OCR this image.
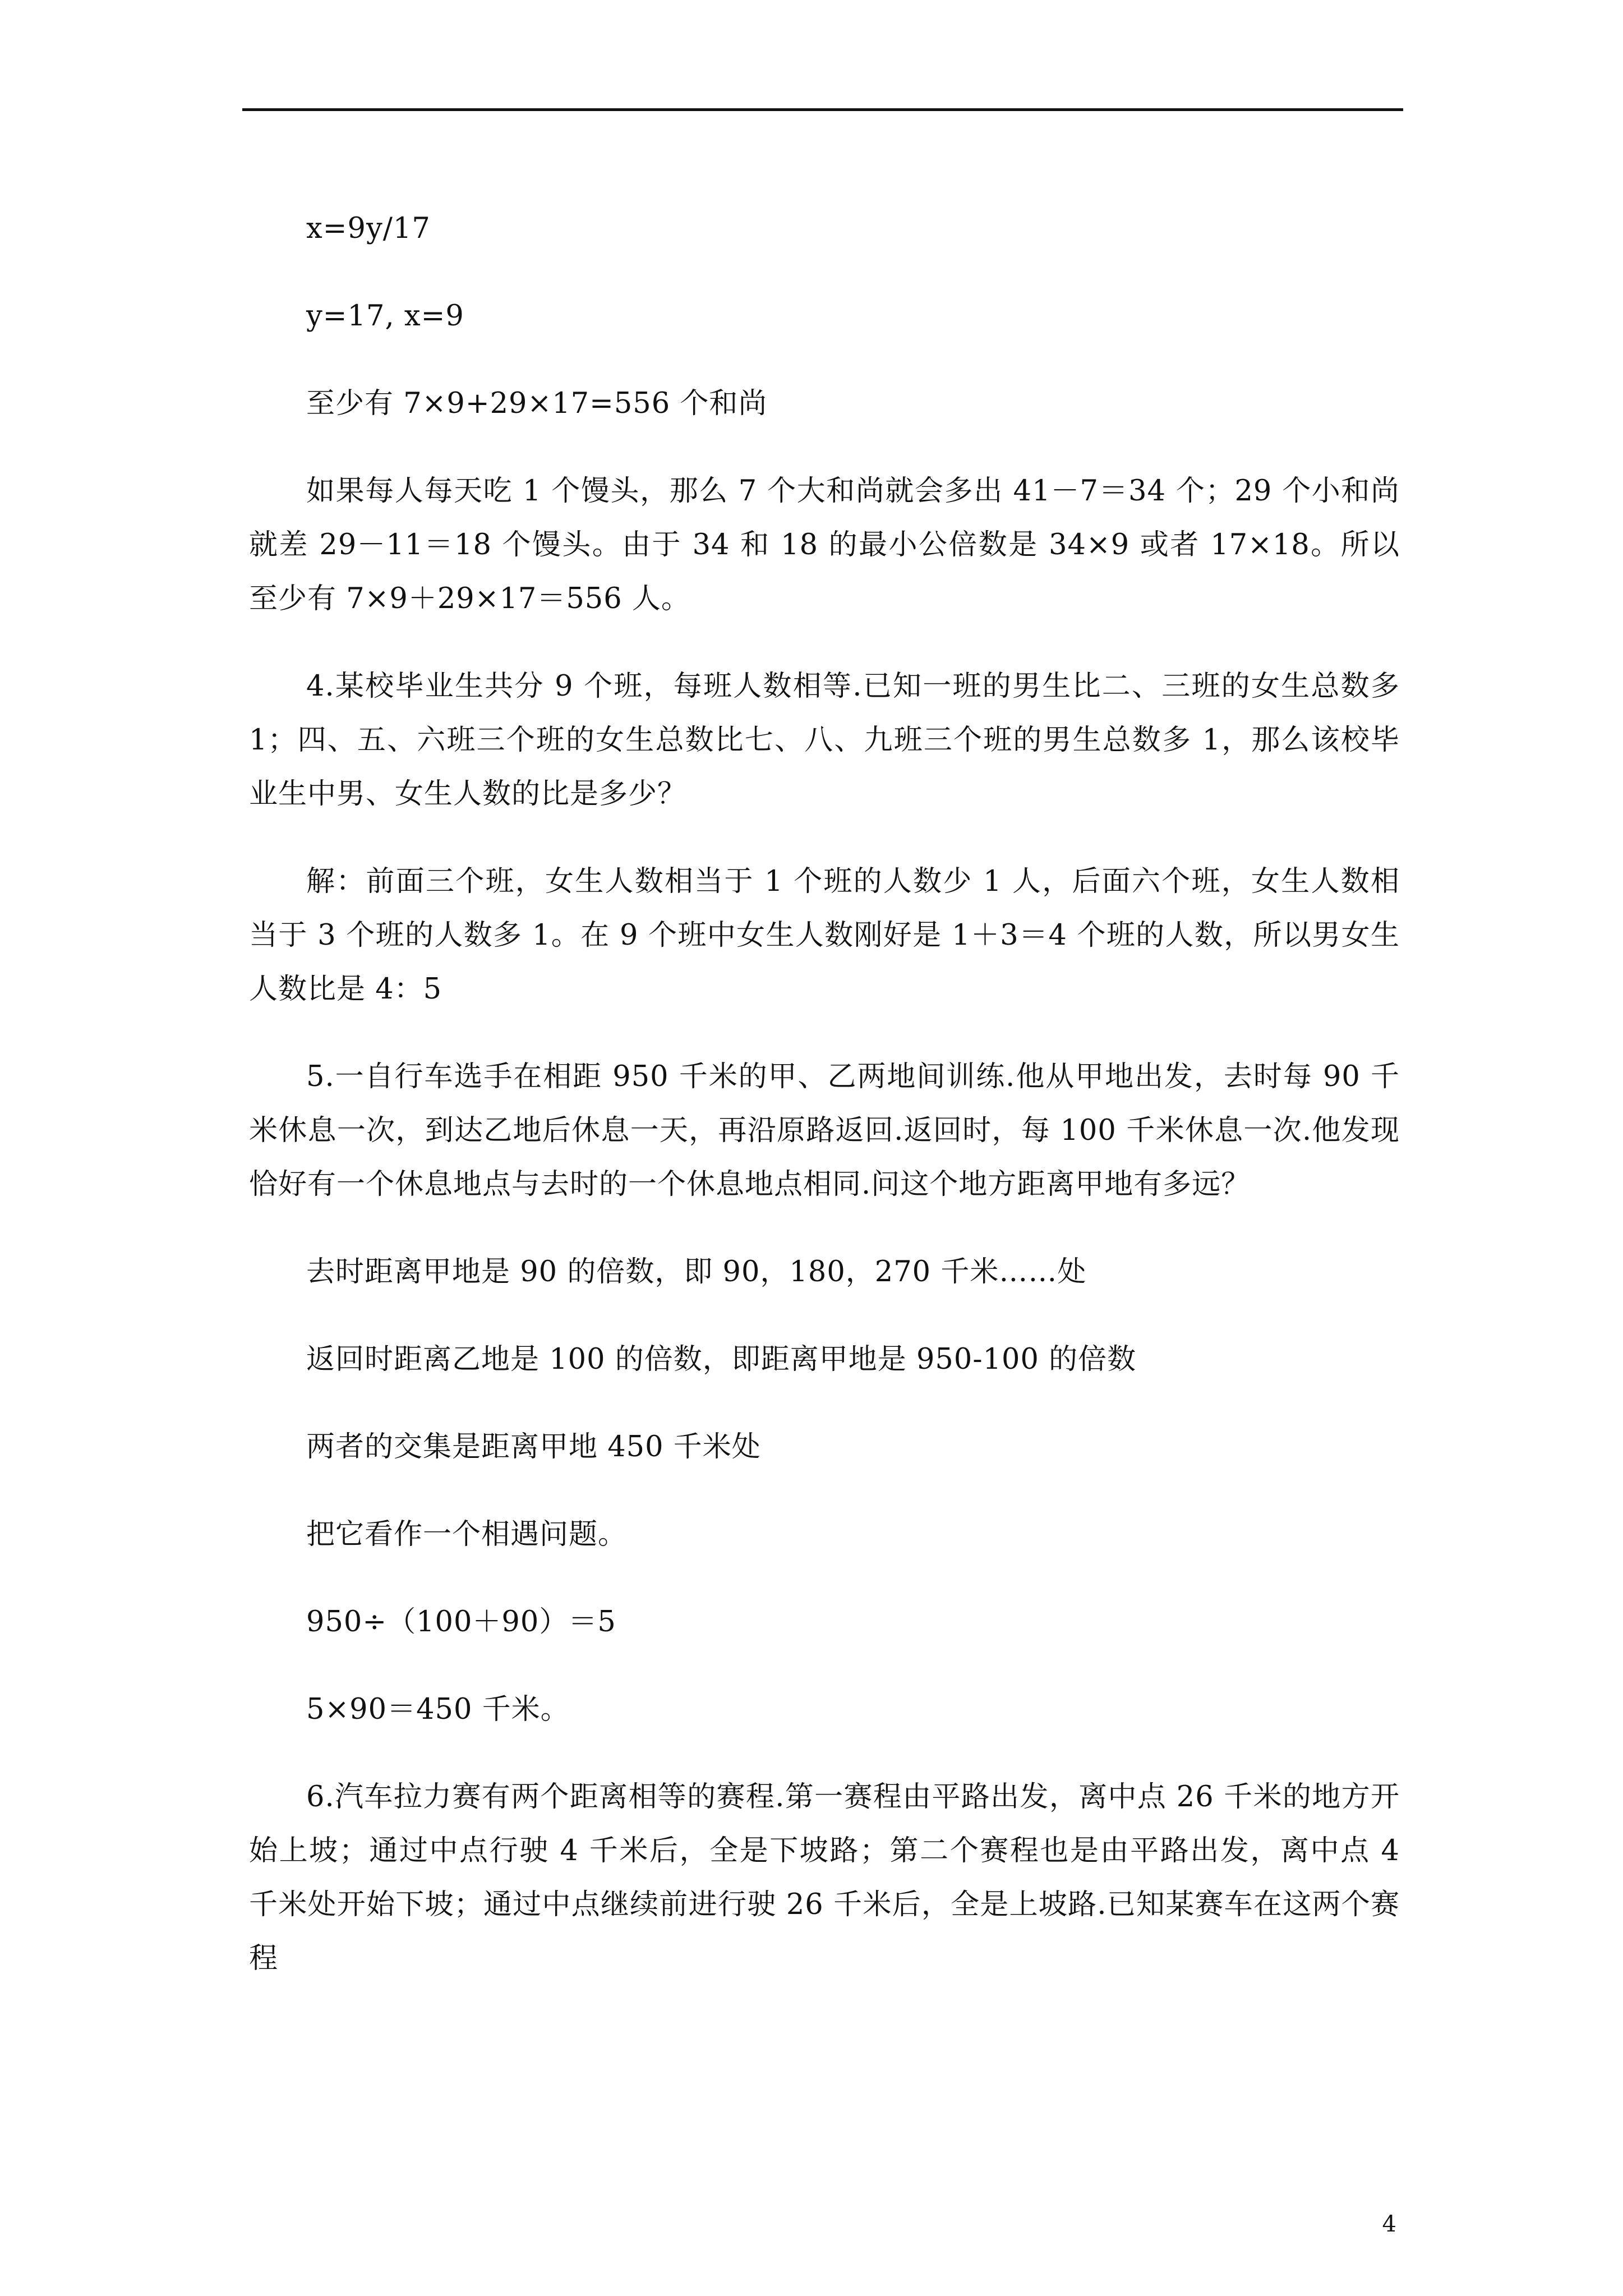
x=9y/17

y=17, x=9

至少有 7×9+29×17=556 个和尚

如果每人每天吃 1 个馒头，那么 7 个大和尚就会多出 41－7＝34 个；29 个小和尚就差 29－11＝18 个馒头。由于 34 和 18 的最小公倍数是 34×9 或者 17×18。所以至少有 7×9＋29×17＝556 人。

4.某校毕业生共分 9 个班，每班人数相等.已知一班的男生比二、三班的女生总数多 1；四、五、六班三个班的女生总数比七、八、九班三个班的男生总数多 1，那么该校毕业生中男、女生人数的比是多少？

解：前面三个班，女生人数相当于 1 个班的人数少 1 人，后面六个班，女生人数相当于 3 个班的人数多 1。在 9 个班中女生人数刚好是 1＋3＝4 个班的人数，所以男女生人数比是 4：5

5.一自行车选手在相距 950 千米的甲、乙两地间训练.他从甲地出发，去时每 90 千米休息一次，到达乙地后休息一天，再沿原路返回.返回时，每 100 千米休息一次.他发现恰好有一个休息地点与去时的一个休息地点相同.问这个地方距离甲地有多远？

去时距离甲地是 90 的倍数，即 90，180，270 千米……处

返回时距离乙地是 100 的倍数，即距离甲地是 950-100 的倍数

两者的交集是距离甲地 450 千米处

把它看作一个相遇问题。

950÷（100＋90）＝5

5×90＝450 千米。

6.汽车拉力赛有两个距离相等的赛程.第一赛程由平路出发，离中点 26 千米的地方开始上坡；通过中点行驶 4 千米后，全是下坡路；第二个赛程也是由平路出发，离中点 4 千米处开始下坡；通过中点继续前进行驶 26 千米后，全是上坡路.已知某赛车在这两个赛程

4
